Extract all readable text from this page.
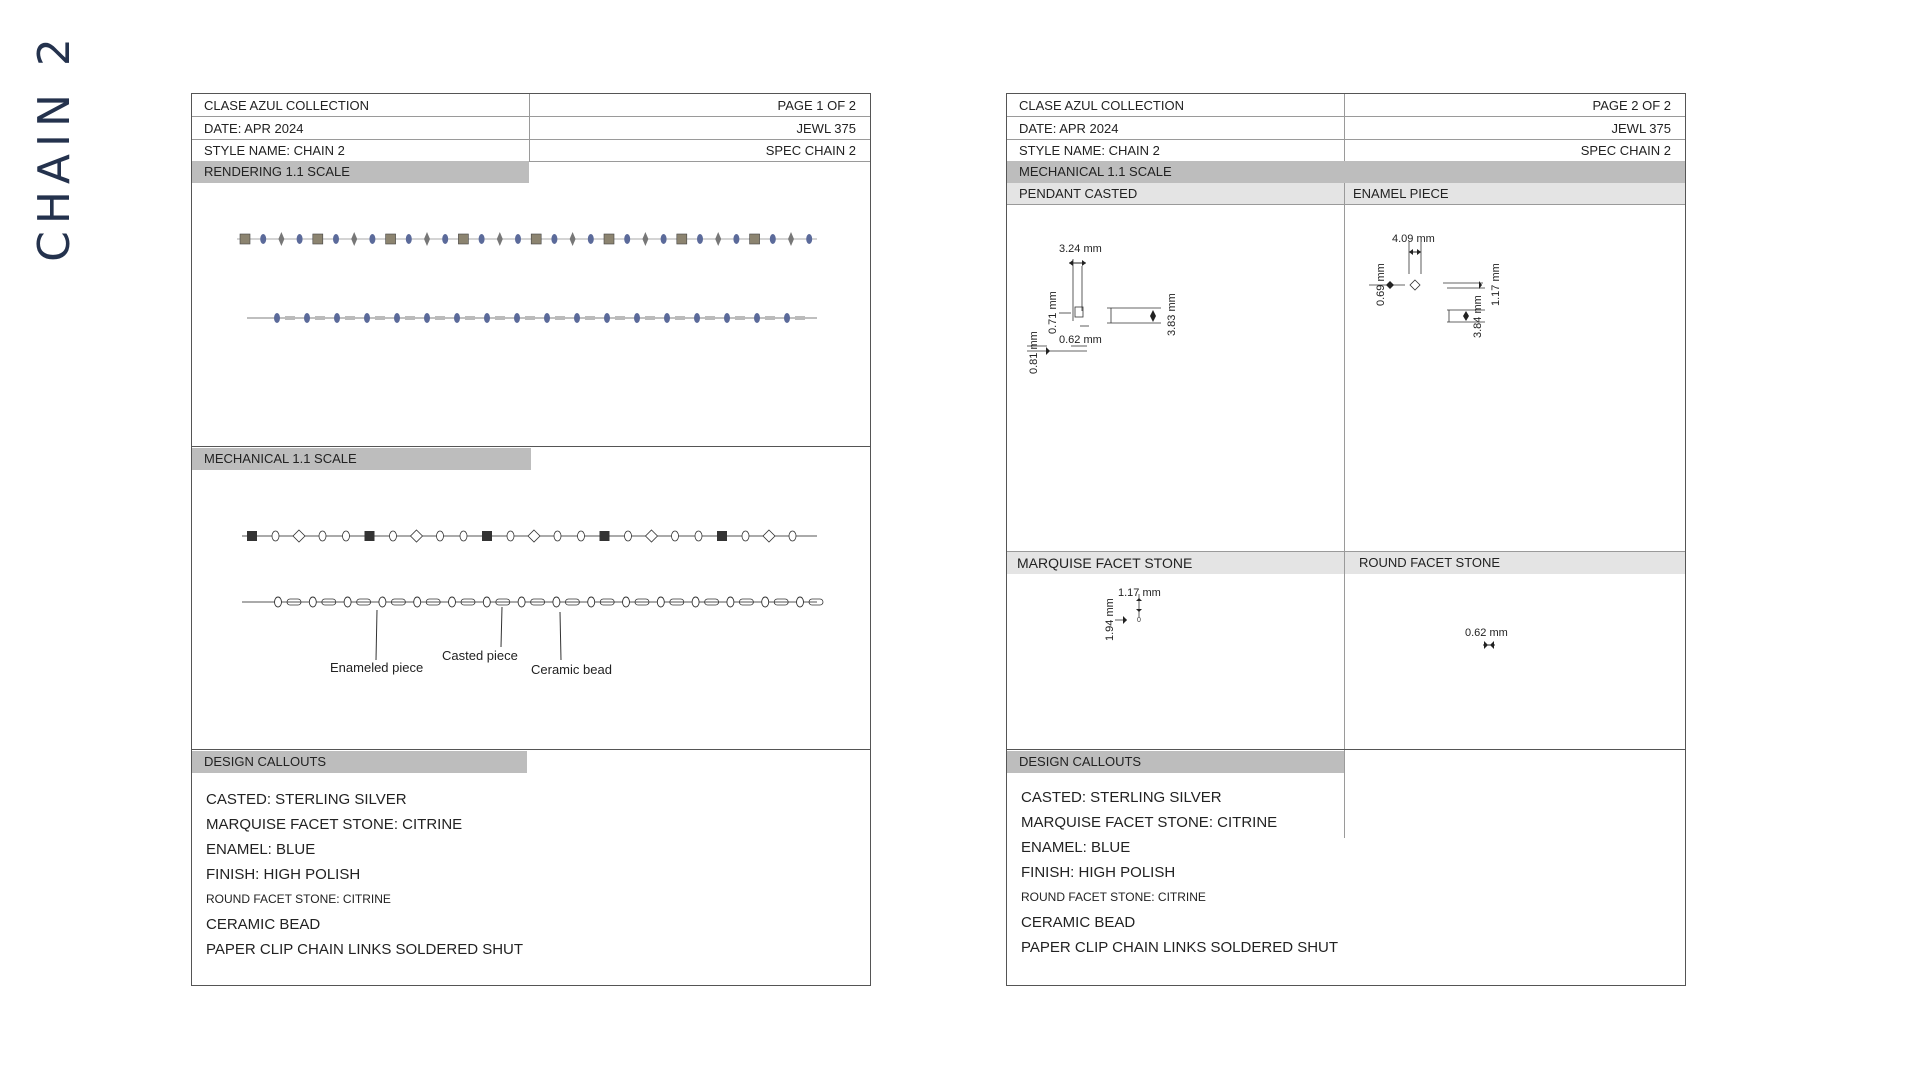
CHAIN 2	CLASE AZUL COLLECTION	PAGE 1 OF 2
DATE: APR 2024	JEWL 375
STYLE NAME: CHAIN 2	SPEC CHAIN 2
RENDERING 1.1 SCALE
MECHANICAL 1.1 SCALE
Enameled piece
Casted piece
Ceramic bead
DESIGN CALLOUTS
CASTED: STERLING SILVER
MARQUISE FACET STONE: CITRINE
ENAMEL: BLUE
FINISH: HIGH POLISH
ROUND FACET STONE: CITRINE
CERAMIC BEAD
PAPER CLIP CHAIN LINKS SOLDERED SHUT
CLASE AZUL COLLECTION	PAGE 2 OF 2
DATE: APR 2024	JEWL 375
STYLE NAME: CHAIN 2	SPEC CHAIN 2
MECHANICAL 1.1 SCALE
PENDANT CASTED	ENAMEL PIECE
3.24 mm
0.71 mm
0.62 mm
0.81 mm
3.83 mm
4.09 mm
0.69 mm	1.17 mm
3.84 mm
MARQUISE FACET STONE	ROUND FACET STONE
0
1.17 mm
1.94 mm	0.62 mm
DESIGN CALLOUTS
CASTED: STERLING SILVER
MARQUISE FACET STONE: CITRINE
ENAMEL: BLUE
FINISH: HIGH POLISH
ROUND FACET STONE: CITRINE
CERAMIC BEAD
PAPER CLIP CHAIN LINKS SOLDERED SHUT
